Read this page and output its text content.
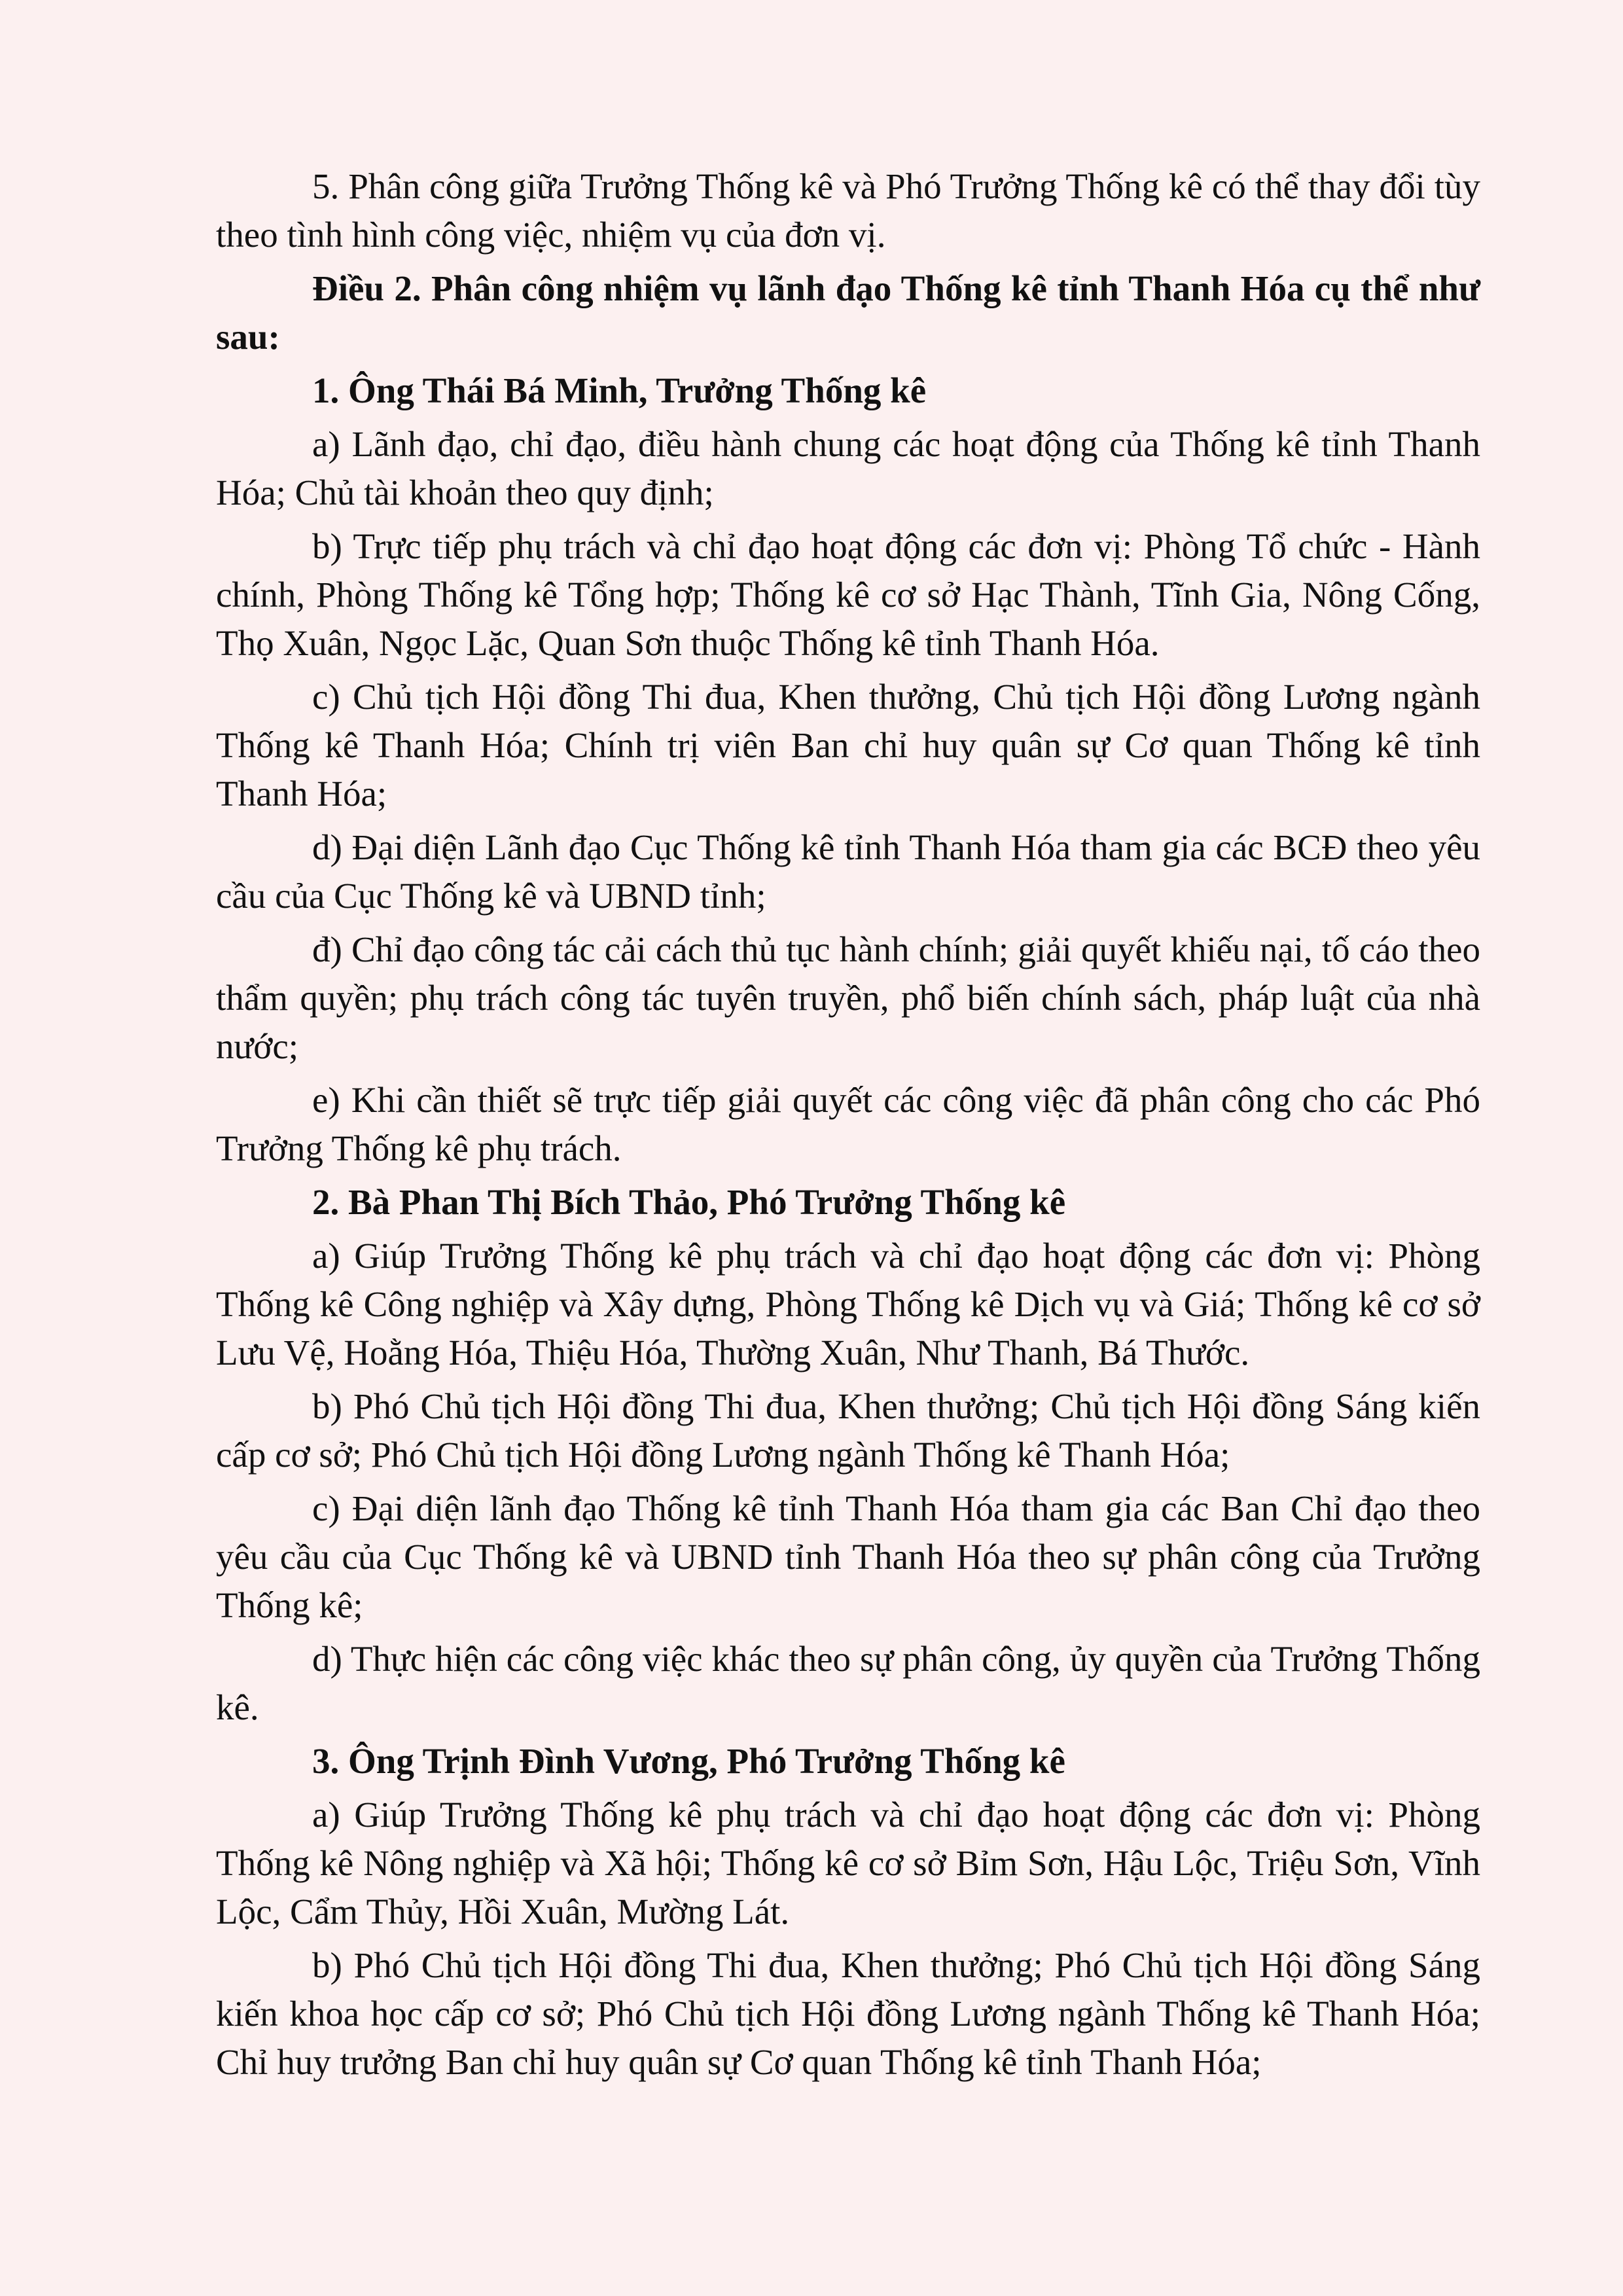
5. Phân công giữa Trưởng Thống kê và Phó Trưởng Thống kê có thể thay đổi tùy theo tình hình công việc, nhiệm vụ của đơn vị.

Điều 2. Phân công nhiệm vụ lãnh đạo Thống kê tỉnh Thanh Hóa cụ thể như sau:

1. Ông Thái Bá Minh, Trưởng Thống kê

a) Lãnh đạo, chỉ đạo, điều hành chung các hoạt động của Thống kê tỉnh Thanh Hóa; Chủ tài khoản theo quy định;

b) Trực tiếp phụ trách và chỉ đạo hoạt động các đơn vị: Phòng Tổ chức - Hành chính, Phòng Thống kê Tổng hợp; Thống kê cơ sở Hạc Thành, Tĩnh Gia, Nông Cống, Thọ Xuân, Ngọc Lặc, Quan Sơn thuộc Thống kê tỉnh Thanh Hóa.

c) Chủ tịch Hội đồng Thi đua, Khen thưởng, Chủ tịch Hội đồng Lương ngành Thống kê Thanh Hóa; Chính trị viên Ban chỉ huy quân sự Cơ quan Thống kê tỉnh Thanh Hóa;

d) Đại diện Lãnh đạo Cục Thống kê tỉnh Thanh Hóa tham gia các BCĐ theo yêu cầu của Cục Thống kê và UBND tỉnh;

đ) Chỉ đạo công tác cải cách thủ tục hành chính; giải quyết khiếu nại, tố cáo theo thẩm quyền; phụ trách công tác tuyên truyền, phổ biến chính sách, pháp luật của nhà nước;

e) Khi cần thiết sẽ trực tiếp giải quyết các công việc đã phân công cho các Phó Trưởng Thống kê phụ trách.

2. Bà Phan Thị Bích Thảo, Phó Trưởng Thống kê

a) Giúp Trưởng Thống kê phụ trách và chỉ đạo hoạt động các đơn vị: Phòng Thống kê Công nghiệp và Xây dựng, Phòng Thống kê Dịch vụ và Giá; Thống kê cơ sở Lưu Vệ, Hoằng Hóa, Thiệu Hóa, Thường Xuân, Như Thanh, Bá Thước.

b) Phó Chủ tịch Hội đồng Thi đua, Khen thưởng; Chủ tịch Hội đồng Sáng kiến cấp cơ sở; Phó Chủ tịch Hội đồng Lương ngành Thống kê Thanh Hóa;

c) Đại diện lãnh đạo Thống kê tỉnh Thanh Hóa tham gia các Ban Chỉ đạo theo yêu cầu của Cục Thống kê và UBND tỉnh Thanh Hóa theo sự phân công của Trưởng Thống kê;

d) Thực hiện các công việc khác theo sự phân công, ủy quyền của Trưởng Thống kê.

3. Ông Trịnh Đình Vương, Phó Trưởng Thống kê

a) Giúp Trưởng Thống kê phụ trách và chỉ đạo hoạt động các đơn vị: Phòng Thống kê Nông nghiệp và Xã hội; Thống kê cơ sở Bỉm Sơn, Hậu Lộc, Triệu Sơn, Vĩnh Lộc, Cẩm Thủy, Hồi Xuân, Mường Lát.

b) Phó Chủ tịch Hội đồng Thi đua, Khen thưởng; Phó Chủ tịch Hội đồng Sáng kiến khoa học cấp cơ sở; Phó Chủ tịch Hội đồng Lương ngành Thống kê Thanh Hóa; Chỉ huy trưởng Ban chỉ huy quân sự Cơ quan Thống kê tỉnh Thanh Hóa;
